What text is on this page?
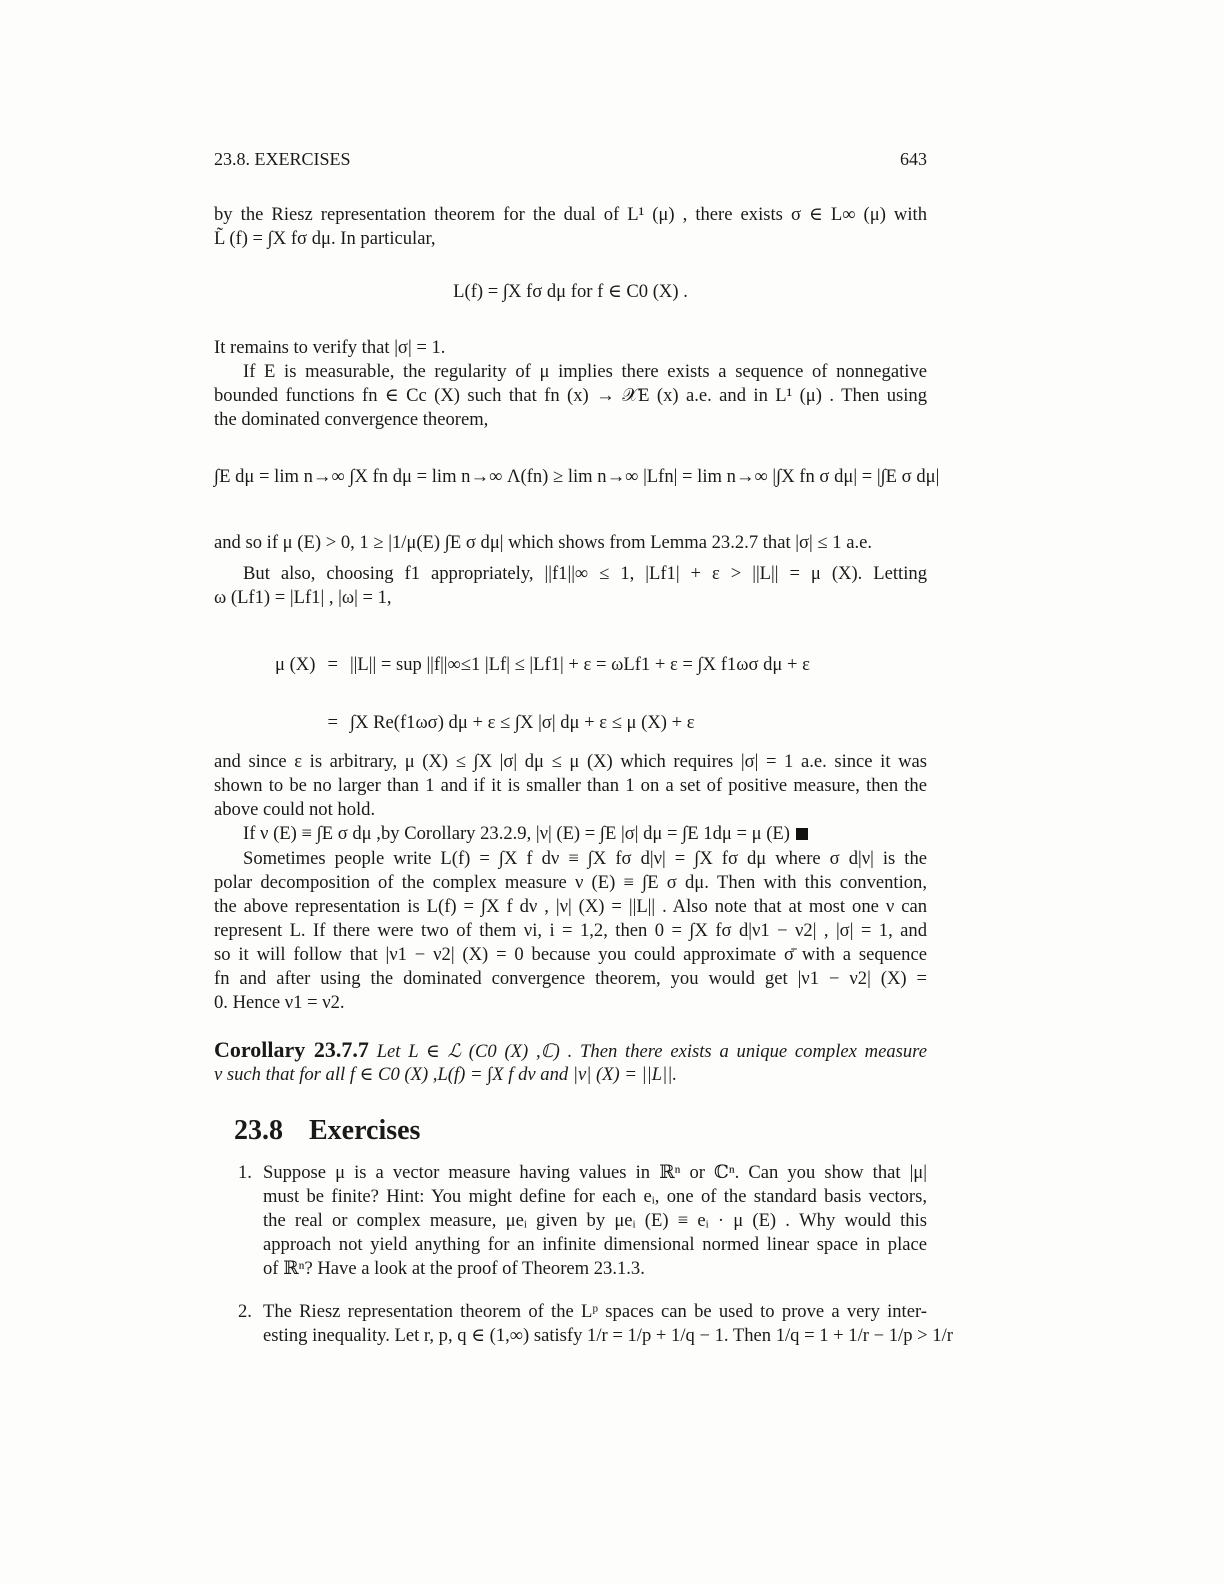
23.8. EXERCISES	643
by the Riesz representation theorem for the dual of L¹ (μ) , there exists σ ∈ L∞ (μ) with
L̃ (f) = ∫X fσ dμ. In particular,
L(f) = ∫X fσ dμ for f ∈ C0 (X) .
It remains to verify that |σ| = 1.
If E is measurable, the regularity of μ implies there exists a sequence of nonnegative
bounded functions fn ∈ Cc (X) such that fn (x) → 𝒳E (x) a.e. and in L¹ (μ) . Then using
the dominated convergence theorem,
∫E dμ = lim n→∞ ∫X fn dμ = lim n→∞ Λ(fn) ≥ lim n→∞ |Lfn| = lim n→∞ |∫X fn σ dμ| = |∫E σ dμ|
and so if μ (E) > 0, 1 ≥ |1/μ(E) ∫E σ dμ| which shows from Lemma 23.2.7 that |σ| ≤ 1 a.e.
But also, choosing f1 appropriately, ||f1||∞ ≤ 1, |Lf1| + ε > ||L|| = μ (X). Letting
ω (Lf1) = |Lf1| , |ω| = 1,
μ (X)	=	||L|| = sup ||f||∞≤1 |Lf| ≤ |Lf1| + ε = ωLf1 + ε = ∫X f1ωσ dμ + ε
	=	∫X Re(f1ωσ) dμ + ε ≤ ∫X |σ| dμ + ε ≤ μ (X) + ε
and since ε is arbitrary, μ (X) ≤ ∫X |σ| dμ ≤ μ (X) which requires |σ| = 1 a.e. since it was
shown to be no larger than 1 and if it is smaller than 1 on a set of positive measure, then the
above could not hold.
If ν (E) ≡ ∫E σ dμ ,by Corollary 23.2.9, |ν| (E) = ∫E |σ| dμ = ∫E 1dμ = μ (E)
Sometimes people write L(f) = ∫X f dν ≡ ∫X fσ d|ν| = ∫X fσ dμ where σ d|ν| is the
polar decomposition of the complex measure ν (E) ≡ ∫E σ dμ. Then with this convention,
the above representation is L(f) = ∫X f dν , |ν| (X) = ||L|| . Also note that at most one ν can
represent L. If there were two of them νi, i = 1,2, then 0 = ∫X fσ d|ν1 − ν2| , |σ| = 1, and
so it will follow that |ν1 − ν2| (X) = 0 because you could approximate σ̄ with a sequence
fn and after using the dominated convergence theorem, you would get |ν1 − ν2| (X) =
0. Hence ν1 = ν2.
Corollary 23.7.7 Let L ∈ ℒ (C0 (X) ,ℂ) . Then there exists a unique complex measure
ν such that for all f ∈ C0 (X) ,L(f) = ∫X f dν and |ν| (X) = ||L||.
23.8 Exercises
1. Suppose μ is a vector measure having values in ℝⁿ or ℂⁿ. Can you show that |μ|
must be finite? Hint: You might define for each eᵢ, one of the standard basis vectors,
the real or complex measure, μeᵢ given by μeᵢ (E) ≡ eᵢ · μ (E) . Why would this
approach not yield anything for an infinite dimensional normed linear space in place
of ℝⁿ? Have a look at the proof of Theorem 23.1.3.
2. The Riesz representation theorem of the Lᵖ spaces can be used to prove a very inter-
esting inequality. Let r, p, q ∈ (1,∞) satisfy 1/r = 1/p + 1/q − 1. Then 1/q = 1 + 1/r − 1/p > 1/r
